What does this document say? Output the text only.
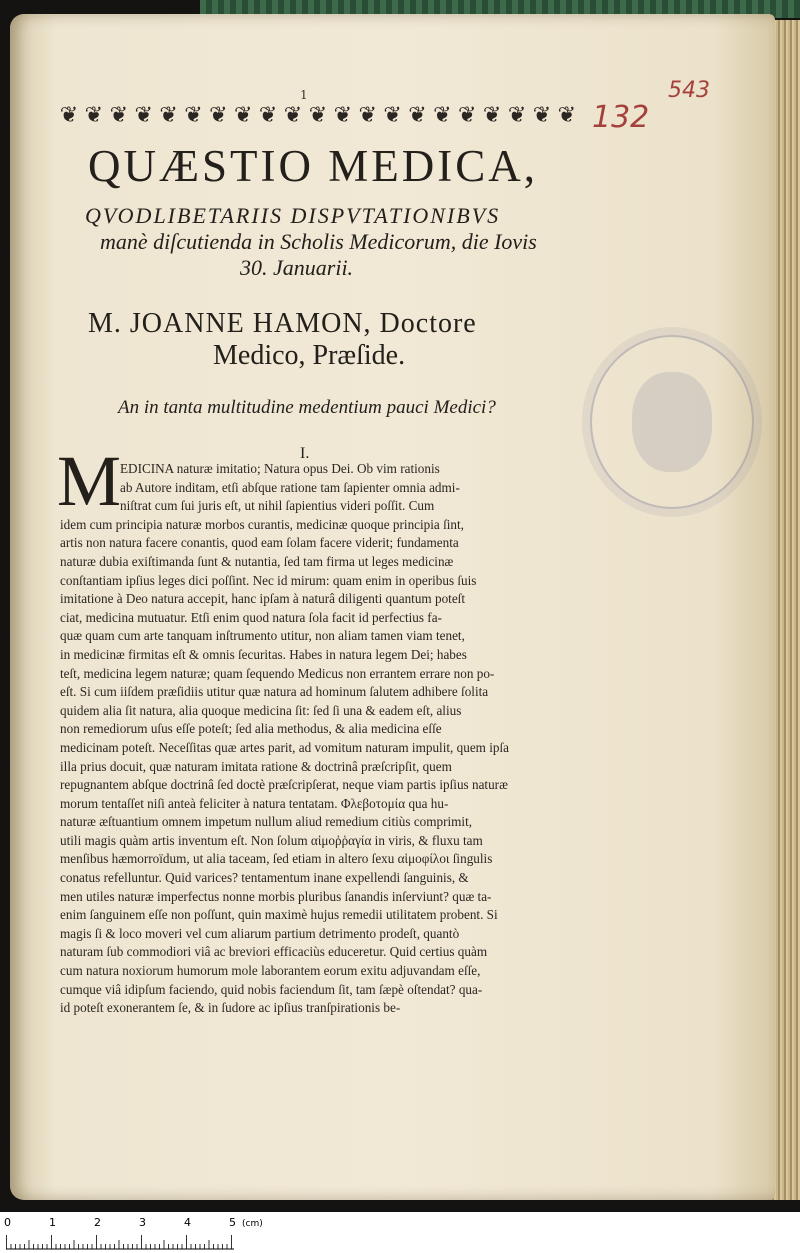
1
❦ ❦ ❦ ❦ ❦ ❦ ❦ ❦ ❦ ❦ ❦ ❦ ❦ ❦ ❦ ❦ ❦ ❦ ❦ ❦ ❦ 132
543
QUÆSTIO MEDICA,
QVODLIBETARIIS DISPVTATIONIBVS
manè diſcutienda in Scholis Medicorum, die Iovis
30. Januarii.
M. JOANNE HAMON, Doctore
Medico, Præſide.
An in tanta multitudine medentium pauci Medici?
I.
M
EDICINA naturæ imitatio; Natura opus Dei. Ob vim rationis
ab Autore inditam, etſi abſque ratione tam ſapienter omnia admi-
niſtrat cum ſui juris eſt, ut nihil ſapientius videri poſſit. Cum
idem cum principia naturæ morbos curantis, medicinæ quoque principia ſint,
artis non natura facere conantis, quod eam ſolam facere viderit; fundamenta
naturæ dubia exiſtimanda ſunt & nutantia, ſed tam firma ut leges medicinæ
conſtantiam ipſius leges dici poſſint. Nec id mirum: quam enim in operibus ſuis
imitatione à Deo natura accepit, hanc ipſam à naturâ diligenti quantum poteſt
ciat, medicina mutuatur. Etſi enim quod natura ſola facit id perfectius fa-
quæ quam cum arte tanquam inſtrumento utitur, non aliam tamen viam tenet,
in medicinæ firmitas eſt & omnis ſecuritas. Habes in natura legem Dei; habes
teſt, medicina legem naturæ; quam ſequendo Medicus non errantem errare non po-
eſt. Si cum iiſdem præſidiis utitur quæ natura ad hominum ſalutem adhibere ſolita
quidem alia ſit natura, alia quoque medicina ſit: ſed ſi una & eadem eſt, alius
non remediorum uſus eſſe poteſt; ſed alia methodus, & alia medicina eſſe
medicinam poteſt. Neceſſitas quæ artes parit, ad vomitum naturam impulit, quem ipſa
illa prius docuit, quæ naturam imitata ratione & doctrinâ præſcripſit, quem
repugnantem abſque doctrinâ ſed doctè præſcripſerat, neque viam partis ipſius naturæ
morum tentaſſet niſi anteà feliciter à natura tentatam. Φλεβοτομία qua hu-
naturæ æſtuantium omnem impetum nullum aliud remedium citiùs comprimit,
utili magis quàm artis inventum eſt. Non ſolum αἱμοῤῥαγία in viris, & fluxu tam
menſibus hæmorroïdum, ut alia taceam, ſed etiam in altero ſexu αἱμοφίλοι ſingulis
conatus refelluntur. Quid varices? tentamentum inane expellendi ſanguinis, &
men utiles naturæ imperfectus nonne morbis pluribus ſanandis inſerviunt? quæ ta-
enim ſanguinem eſſe non poſſunt, quin maximè hujus remedii utilitatem probent. Si
magis ſi & loco moveri vel cum aliarum partium detrimento prodeſt, quantò
naturam ſub commodiori viâ ac breviori efficaciùs educeretur. Quid certius quàm
cum natura noxiorum humorum mole laborantem eorum exitu adjuvandam eſſe,
cumque viâ idipſum faciendo, quid nobis faciendum ſit, tam ſæpè oſtendat? qua-
id poteſt exonerantem ſe, & in ſudore ac ipſius tranſpirationis be-
0	1	2	3	4	5 (cm)
